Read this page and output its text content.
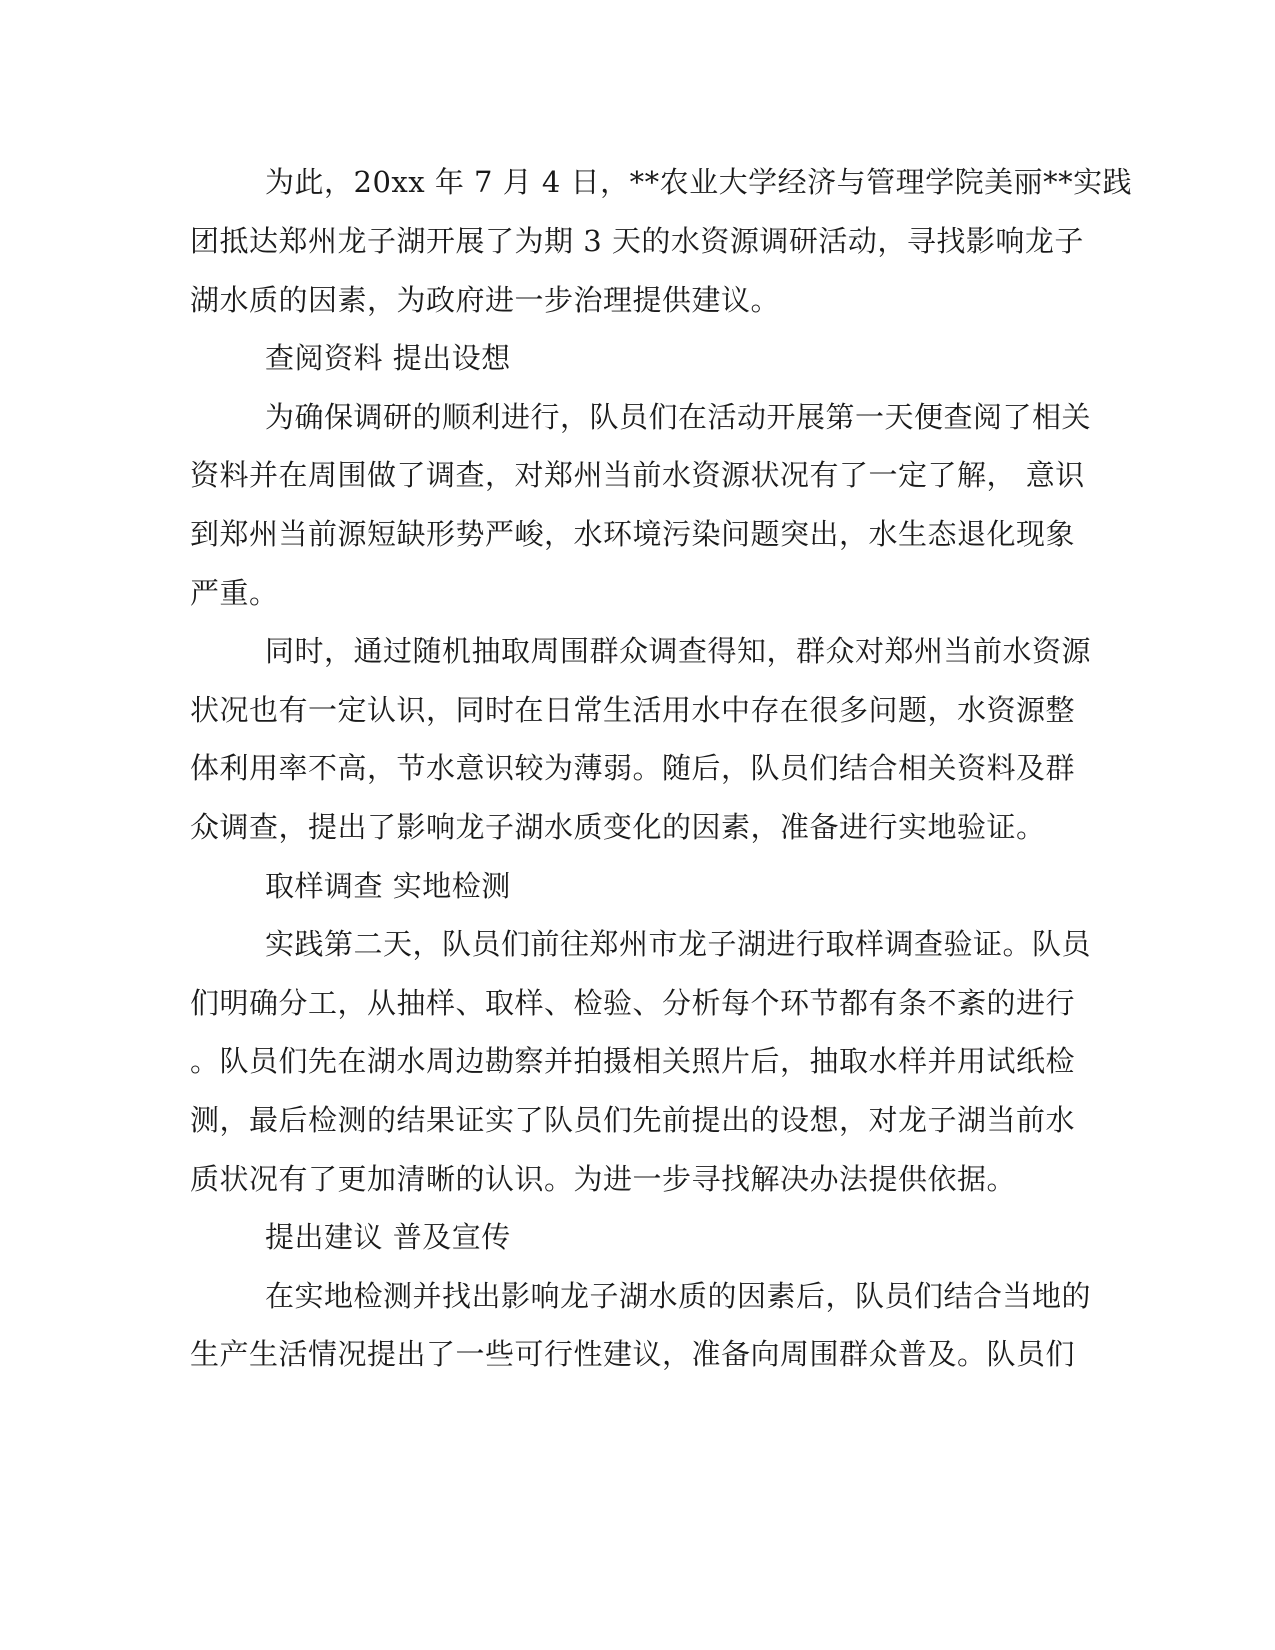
为此，20xx 年 7 月 4 日，**农业大学经济与管理学院美丽**实践
团抵达郑州龙子湖开展了为期 3 天的水资源调研活动，寻找影响龙子
湖水质的因素，为政府进一步治理提供建议。
查阅资料 提出设想
为确保调研的顺利进行，队员们在活动开展第一天便查阅了相关
资料并在周围做了调查，对郑州当前水资源状况有了一定了解， 意识
到郑州当前源短缺形势严峻，水环境污染问题突出，水生态退化现象
严重。
同时，通过随机抽取周围群众调查得知，群众对郑州当前水资源
状况也有一定认识，同时在日常生活用水中存在很多问题，水资源整
体利用率不高，节水意识较为薄弱。随后，队员们结合相关资料及群
众调查，提出了影响龙子湖水质变化的因素，准备进行实地验证。
取样调查 实地检测
实践第二天，队员们前往郑州市龙子湖进行取样调查验证。队员
们明确分工，从抽样、取样、检验、分析每个环节都有条不紊的进行
。队员们先在湖水周边勘察并拍摄相关照片后，抽取水样并用试纸检
测，最后检测的结果证实了队员们先前提出的设想，对龙子湖当前水
质状况有了更加清晰的认识。为进一步寻找解决办法提供依据。
提出建议 普及宣传
在实地检测并找出影响龙子湖水质的因素后，队员们结合当地的
生产生活情况提出了一些可行性建议，准备向周围群众普及。队员们
